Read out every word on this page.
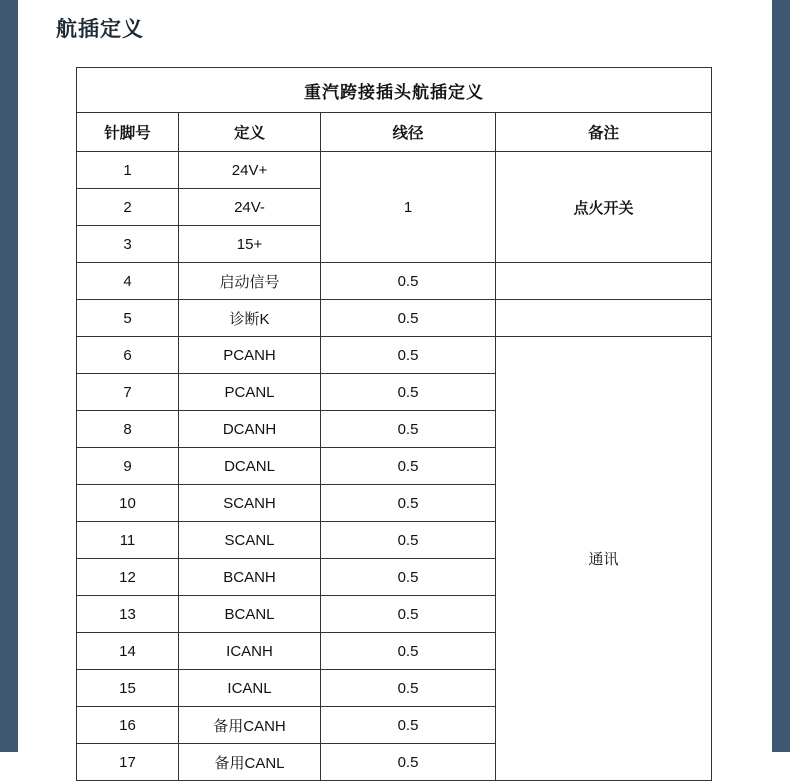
航插定义
重汽跨接插头航插定义			
针脚号	定义	线径	备注
1	24V+	1	点火开关
2	24V-		
3	15+		
4	启动信号	0.5	
5	诊断K	0.5	
6	PCANH	0.5	通讯
7	PCANL	0.5	
8	DCANH	0.5	
9	DCANL	0.5	
10	SCANH	0.5	
11	SCANL	0.5	
12	BCANH	0.5	
13	BCANL	0.5	
14	ICANH	0.5	
15	ICANL	0.5	
16	备用CANH	0.5	
17	备用CANL	0.5	
